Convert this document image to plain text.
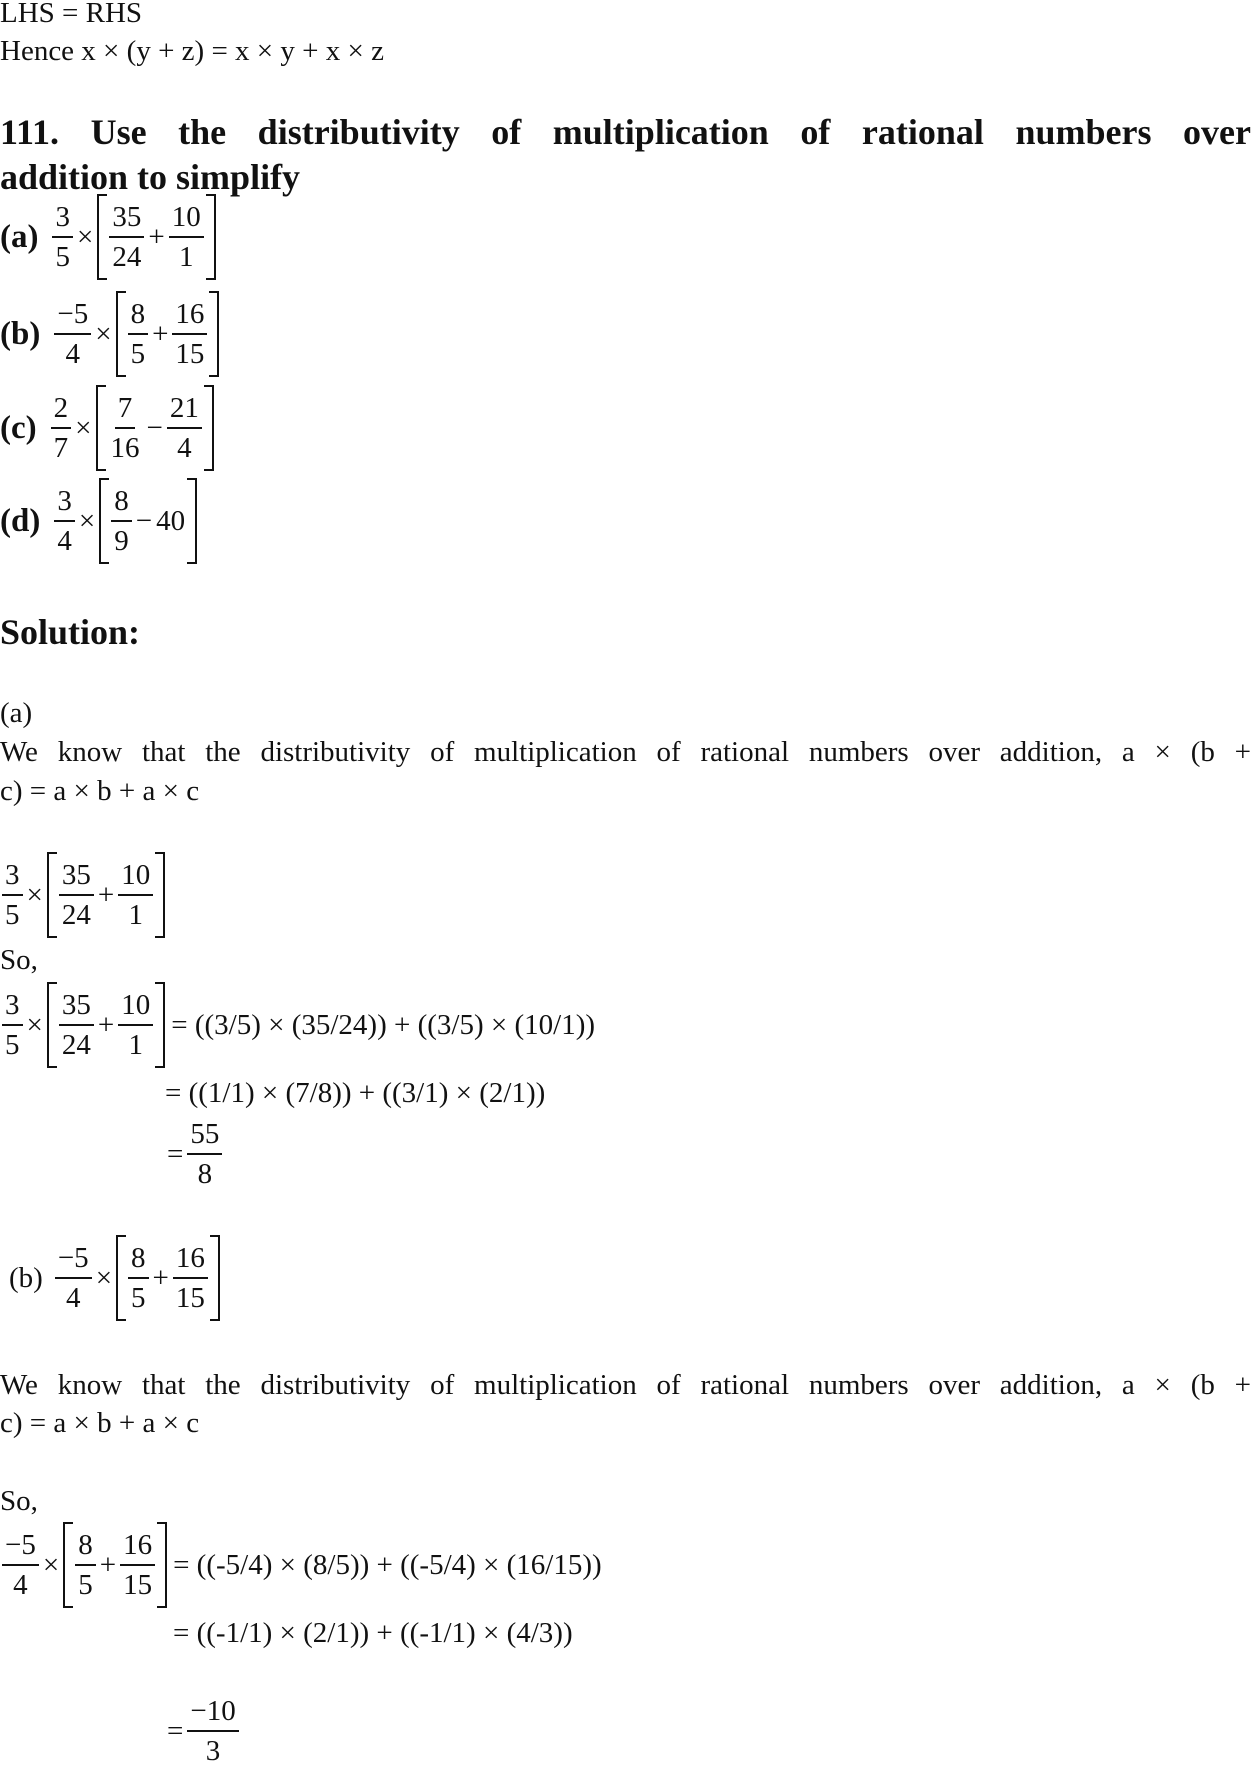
LHS = RHS
Hence x × (y + z) = x × y + x × z
111. Use the distributivity of multiplication of rational numbers over
addition to simplify
$(a) \frac{3}{5} \times \frac{35}{24} + \frac{10}{1}$
$(b) \frac{-5}{4} \times \frac{8}{5} + \frac{16}{15}$
$(c) \frac{2}{7} \times \frac{7}{16} - \frac{21}{4}$
$(d) \frac{3}{4} \times \frac{8}{9} - 40$
Solution:
(a)
We know that the distributivity of multiplication of rational numbers over addition, a × (b +
c) = a × b + a × c
$\frac{3}{5} \times \frac{35}{24} + \frac{10}{1}$
So,
$\frac{3}{5} \times \frac{35}{24} + \frac{10}{1} = ((3/5) \times (35/24)) + ((3/5) \times (10/1))$
= ((1/1) × (7/8)) + ((3/1) × (2/1))
= $\frac{55}{8}$
$(b) \frac{-5}{4} \times \frac{8}{5} + \frac{16}{15}$
We know that the distributivity of multiplication of rational numbers over addition, a × (b +
c) = a × b + a × c
So,
$\frac{-5}{4} \times \frac{8}{5} + \frac{16}{15} = ((-5/4) \times (8/5)) + ((-5/4) \times (16/15))$
= ((-1/1) × (2/1)) + ((-1/1) × (4/3))
= $\frac{-10}{3}$
